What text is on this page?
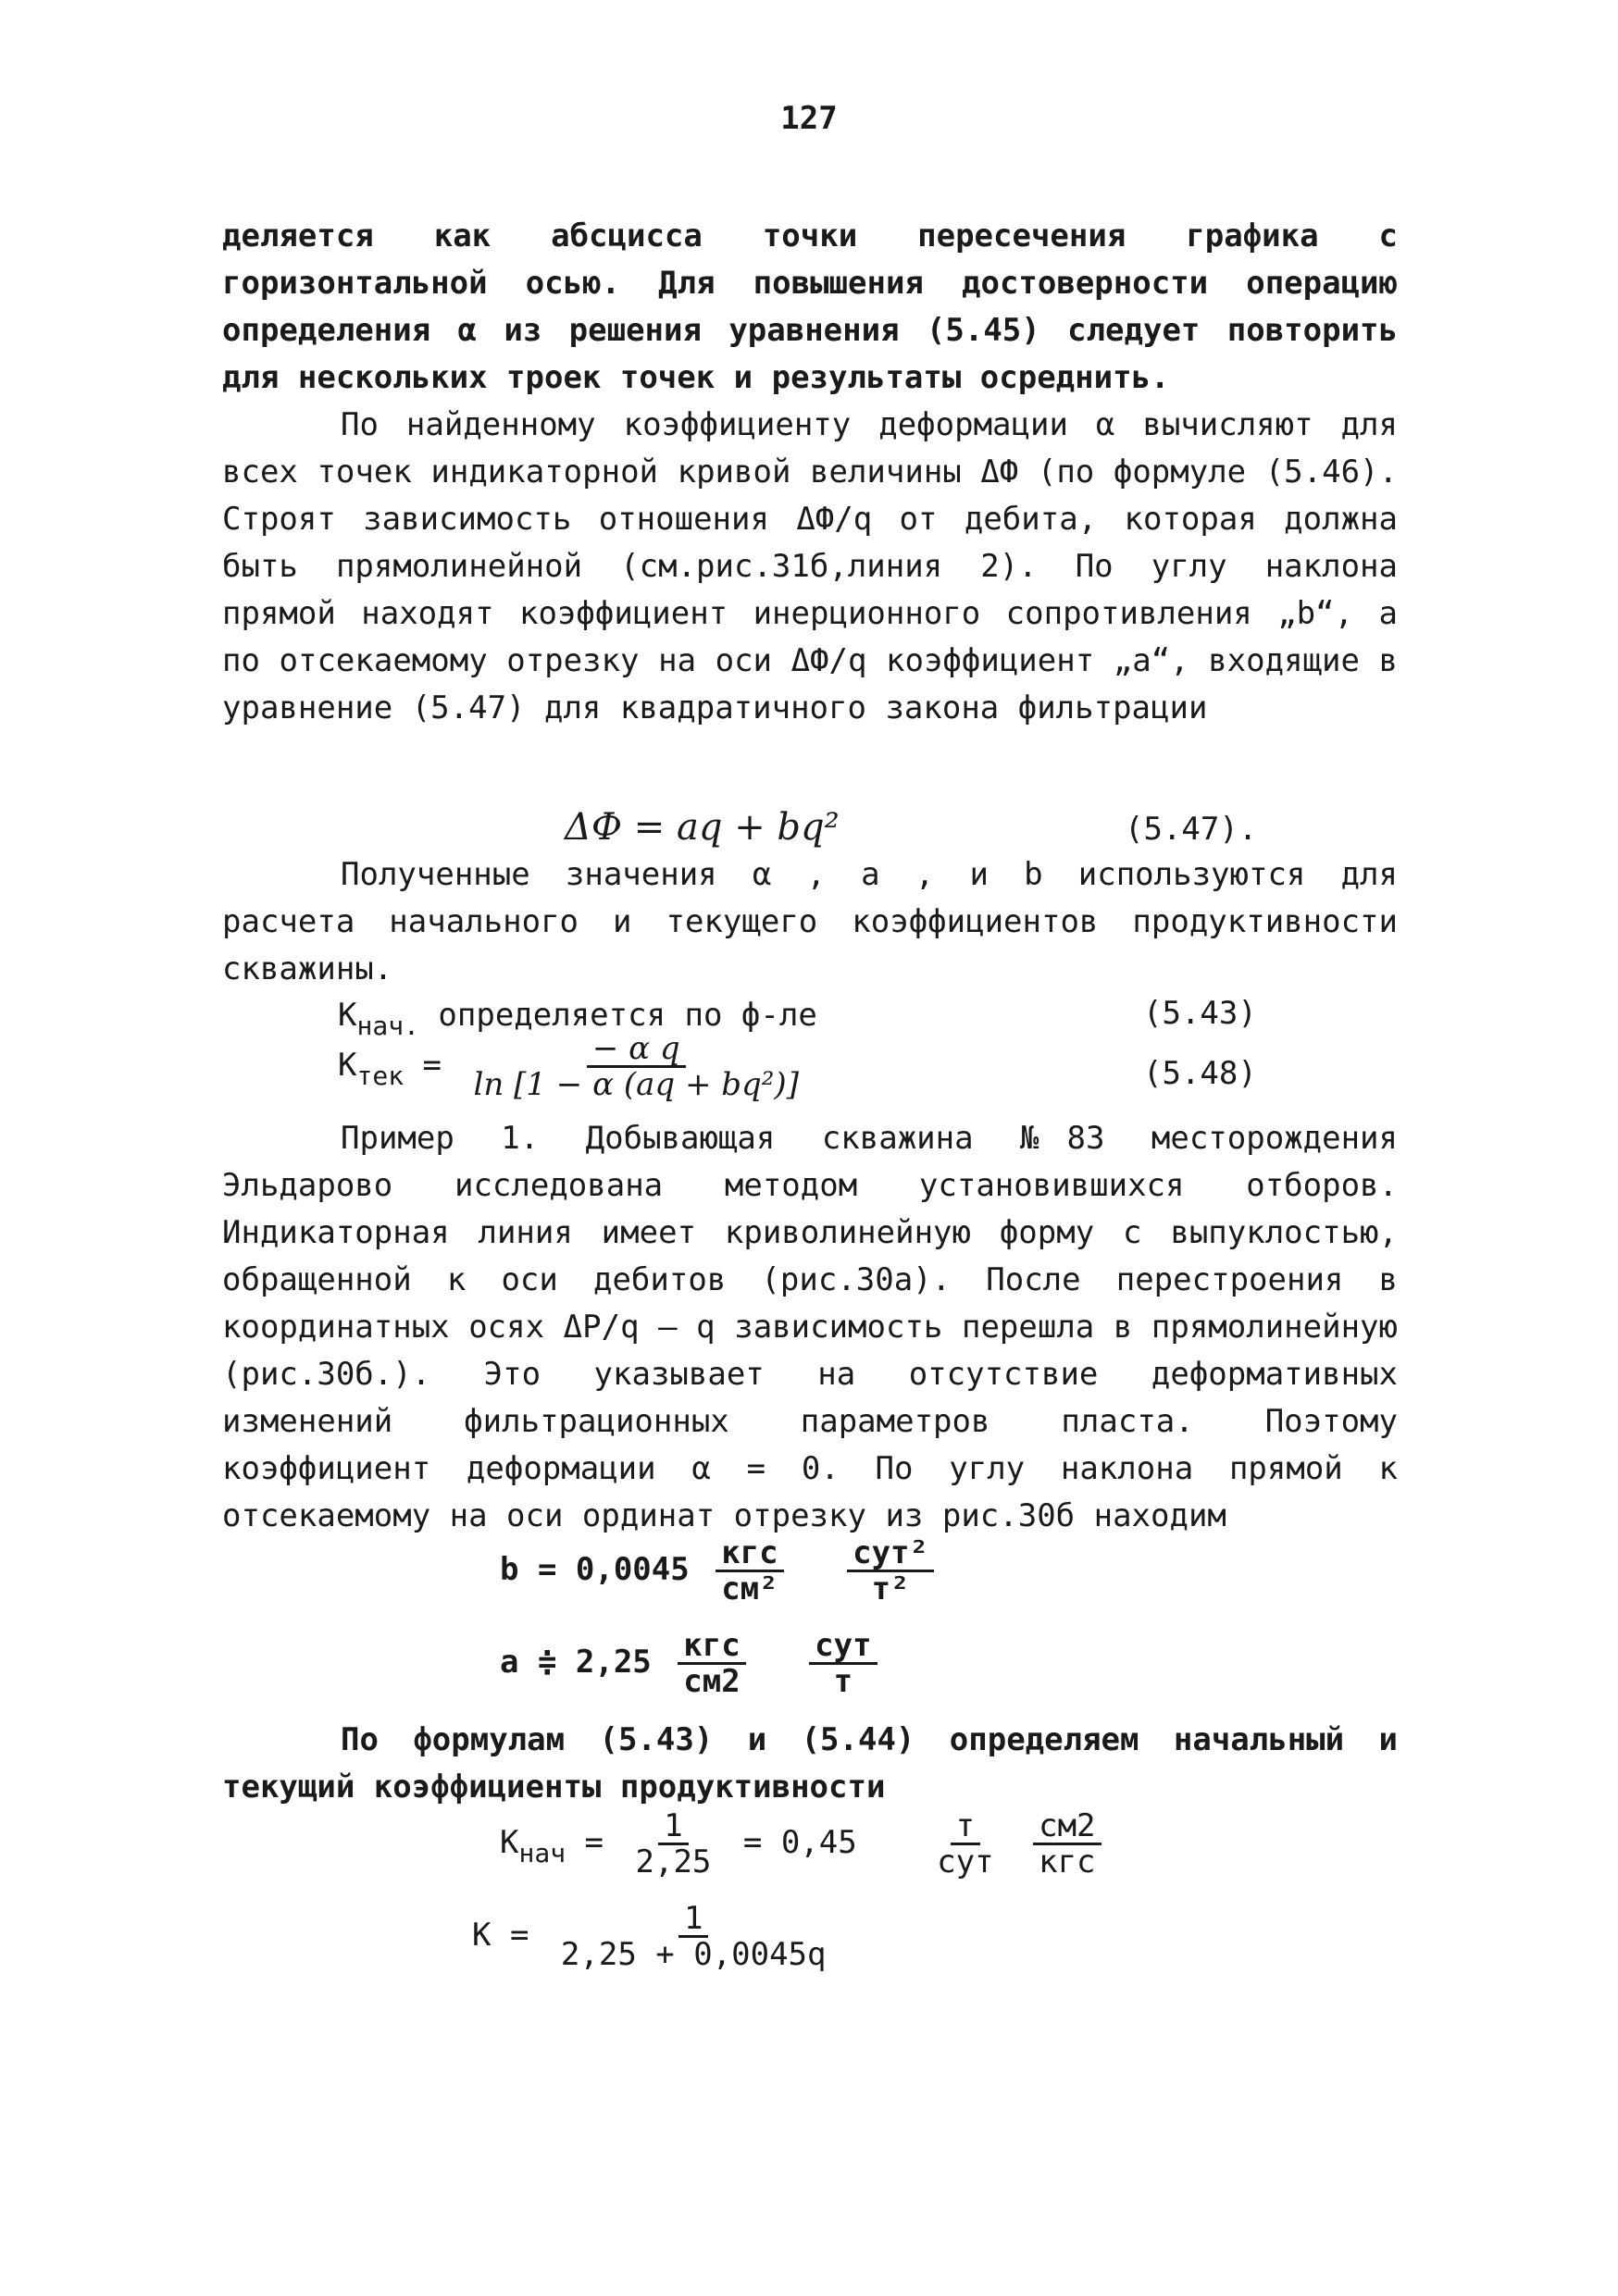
127

деляется как абсцисса точки пересечения графика с горизонтальной осью. Для повышения достоверности операцию определения α из решения уравнения (5.45) следует повторить для нескольких троек точек и результаты осреднить.

По найденному коэффициенту деформации α вычисляют для всех точек индикаторной кривой величины ΔФ (по формуле (5.46). Строят зависимость отношения ΔФ/q от дебита, которая должна быть прямолинейной (см.рис.31б,линия 2). По углу наклона прямой находят коэффициент инерционного сопротивления „b“, а по отсекаемому отрезку на оси ΔФ/q коэффициент „a“, входящие в уравнение (5.47) для квадратичного закона фильтрации

ΔФ = aq + bq²	(5.47).

Полученные значения α , a , и b используются для расчета начального и текущего коэффициентов продуктивности скважины.

$К_{нач.}$ определяется по ф-ле	(5.43)
$К_{тек} = \frac{\text{− α q}}{\text{ln [1 − α (aq + bq²)]}}$	(5.48)

Пример 1. Добывающая скважина №83 месторождения Эльдарово исследована методом установившихся отборов. Индикаторная линия имеет криволинейную форму с выпуклостью, обращенной к оси дебитов (рис.30а). После перестроения в координатных осях ΔP/q – q зависимость перешла в прямолинейную (рис.30б.). Это указывает на отсутствие деформативных изменений фильтрационных параметров пласта. Поэтому коэффициент деформации α = 0. По углу наклона прямой к отсекаемому на оси ординат отрезку из рис.30б находим

$b = 0,0045 \frac{\text{кгс}}{\text{см²}}$
$\frac{\text{сут²}}{\text{т²}}$
a ≑ $2,25 \frac{\text{кгс}}{см2}$
$\frac{\text{сут}}{т}$

По формулам (5.43) и (5.44) определяем начальный и текущий коэффициенты продуктивности

$К_{нач} = \frac{1}{2,25} = 0,45 \frac{т}{\text{сут}}$
$\frac{см2}{\text{кгс}}$
$К = \frac{1}{2,25 + 0,0045q}$
